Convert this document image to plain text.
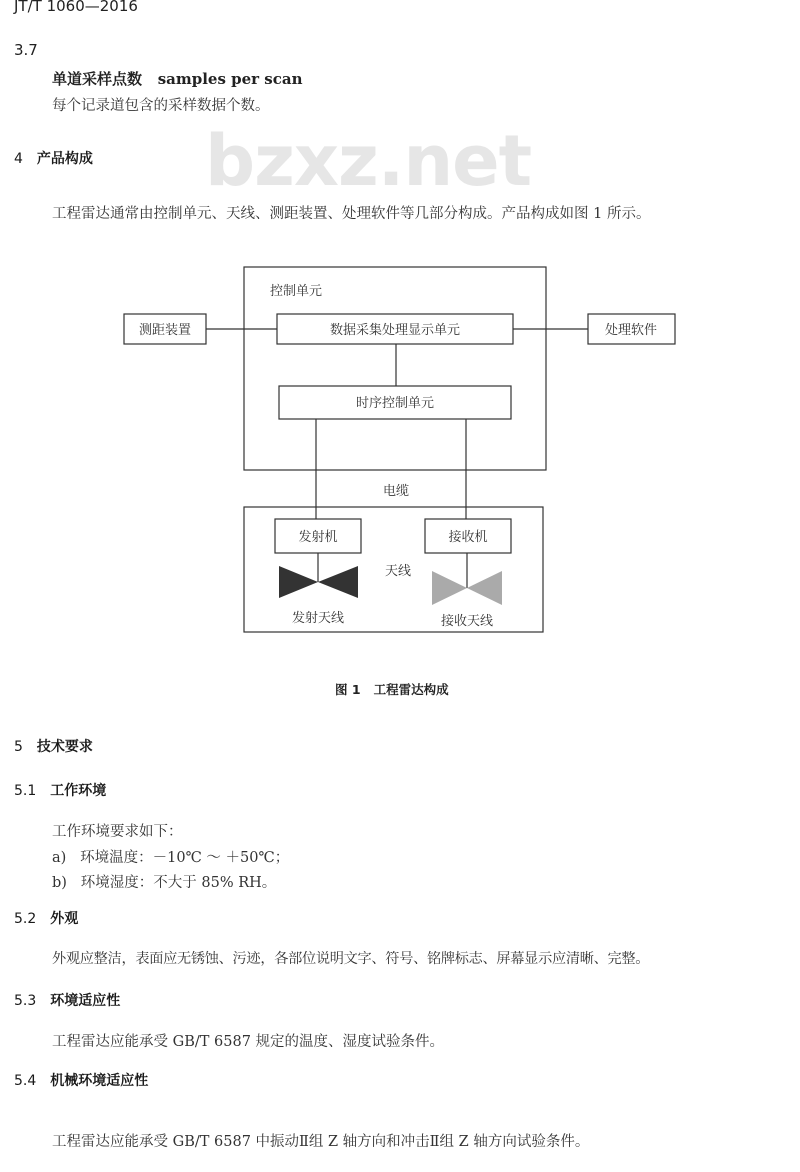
bzxz.net
JT/T 1060—2016
3.7
单道采样点数 samples per scan
每个记录道包含的采样数据个数。
4 产品构成
工程雷达通常由控制单元、天线、测距装置、处理软件等几部分构成。产品构成如图 1 所示。
控制单元
测距装置	数据采集处理显示单元	处理软件
时序控制单元
电缆
发射机	接收机
天线
发射天线	接收天线
图 1 工程雷达构成
5 技术要求
5.1 工作环境
工作环境要求如下：
a) 环境温度：－10℃ ～ ＋50℃；
b) 环境湿度：不大于 85% RH。
5.2 外观
外观应整洁，表面应无锈蚀、污迹，各部位说明文字、符号、铭牌标志、屏幕显示应清晰、完整。
5.3 环境适应性
工程雷达应能承受 GB/T 6587 规定的温度、湿度试验条件。
5.4 机械环境适应性
工程雷达应能承受 GB/T 6587 中振动Ⅱ组 Z 轴方向和冲击Ⅱ组 Z 轴方向试验条件。
